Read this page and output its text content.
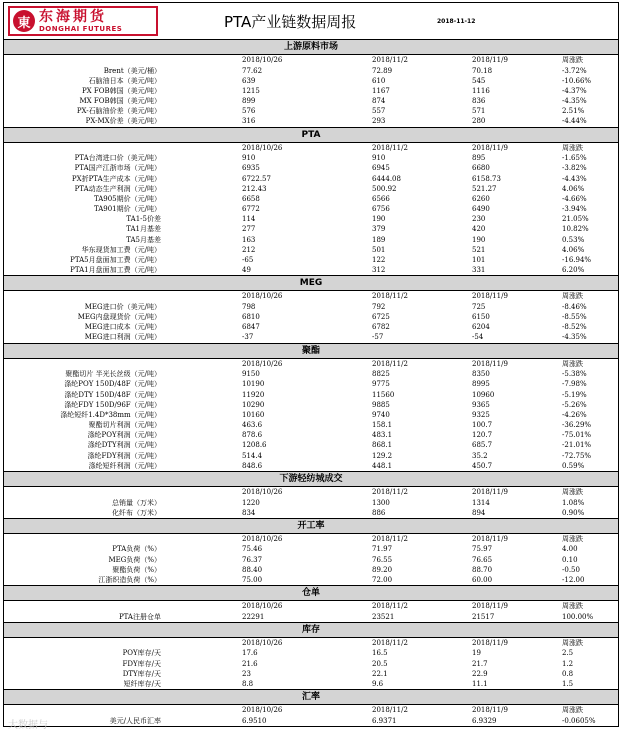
東 东海期货
DONGHAI FUTURES	PTA产业链数据周报	2018-11-12
上游原料市场
2018/10/26	2018/11/2	2018/11/9	周涨跌
Brent（美元/桶）	77.62	72.89	70.18	-3.72%
石脑油日本（美元/吨）	639	610	545	-10.66%
PX FOB韩国（美元/吨）	1215	1167	1116	-4.37%
MX FOB韩国（美元/吨）	899	874	836	-4.35%
PX-石脑油价差（美元/吨）	576	557	571	2.51%
PX-MX价差（美元/吨）	316	293	280	-4.44%
PTA
2018/10/26	2018/11/2	2018/11/9	周涨跌
PTA台湾进口价（美元/吨）	910	910	895	-1.65%
PTA国产江浙市场（元/吨）	6935	6945	6680	-3.82%
PX折PTA生产成本（元/吨）	6722.57	6444.08	6158.73	-4.43%
PTA动态生产利润（元/吨）	212.43	500.92	521.27	4.06%
TA905期价（元/吨）	6658	6566	6260	-4.66%
TA901期价（元/吨）	6772	6756	6490	-3.94%
TA1-5价差	114	190	230	21.05%
TA1月基差	277	379	420	10.82%
TA5月基差	163	189	190	0.53%
华东现货加工费（元/吨）	212	501	521	4.06%
PTA5月盘面加工费（元/吨）	-65	122	101	-16.94%
PTA1月盘面加工费（元/吨）	49	312	331	6.20%
MEG
2018/10/26	2018/11/2	2018/11/9	周涨跌
MEG进口价（美元/吨）	798	792	725	-8.46%
MEG内盘现货价（元/吨）	6810	6725	6150	-8.55%
MEG进口成本（元/吨）	6847	6782	6204	-8.52%
MEG进口利润（元/吨）	-37	-57	-54	-4.35%
聚酯
2018/10/26	2018/11/2	2018/11/9	周涨跌
聚酯切片 半光长丝级（元/吨）	9150	8825	8350	-5.38%
涤纶POY 150D/48F（元/吨）	10190	9775	8995	-7.98%
涤纶DTY 150D/48F（元/吨）	11920	11560	10960	-5.19%
涤纶FDY 150D/96F（元/吨）	10290	9885	9365	-5.26%
涤纶短纤1.4D*38mm（元/吨）	10160	9740	9325	-4.26%
聚酯切片利润（元/吨）	463.6	158.1	100.7	-36.29%
涤纶POY利润（元/吨）	878.6	483.1	120.7	-75.01%
涤纶DTY利润（元/吨）	1208.6	868.1	685.7	-21.01%
涤纶FDY利润（元/吨）	514.4	129.2	35.2	-72.75%
涤纶短纤利润（元/吨）	848.6	448.1	450.7	0.59%
下游轻纺城成交
2018/10/26	2018/11/2	2018/11/9	周涨跌
总销量（万米）	1220	1300	1314	1.08%
化纤布（万米）	834	886	894	0.90%
开工率
2018/10/26	2018/11/2	2018/11/9	周涨跌
PTA负荷（%）	75.46	71.97	75.97	4.00
MEG负荷（%）	76.37	76.55	76.65	0.10
聚酯负荷（%）	88.40	89.20	88.70	-0.50
江浙织造负荷（%）	75.00	72.00	60.00	-12.00
仓单
2018/10/26	2018/11/2	2018/11/9	周涨跌
PTA注册仓单	22291	23521	21517	100.00%
库存
2018/10/26	2018/11/2	2018/11/9	周涨跌
POY库存/天	17.6	16.5	19	2.5
FDY库存/天	21.6	20.5	21.7	1.2
DTY库存/天	23	22.1	22.9	0.8
短纤库存/天	8.8	9.6	11.1	1.5
汇率
2018/10/26	2018/11/2	2018/11/9	周涨跌
美元/人民币汇率	6.9510	6.9371	6.9329	-0.0605%
大数据与
